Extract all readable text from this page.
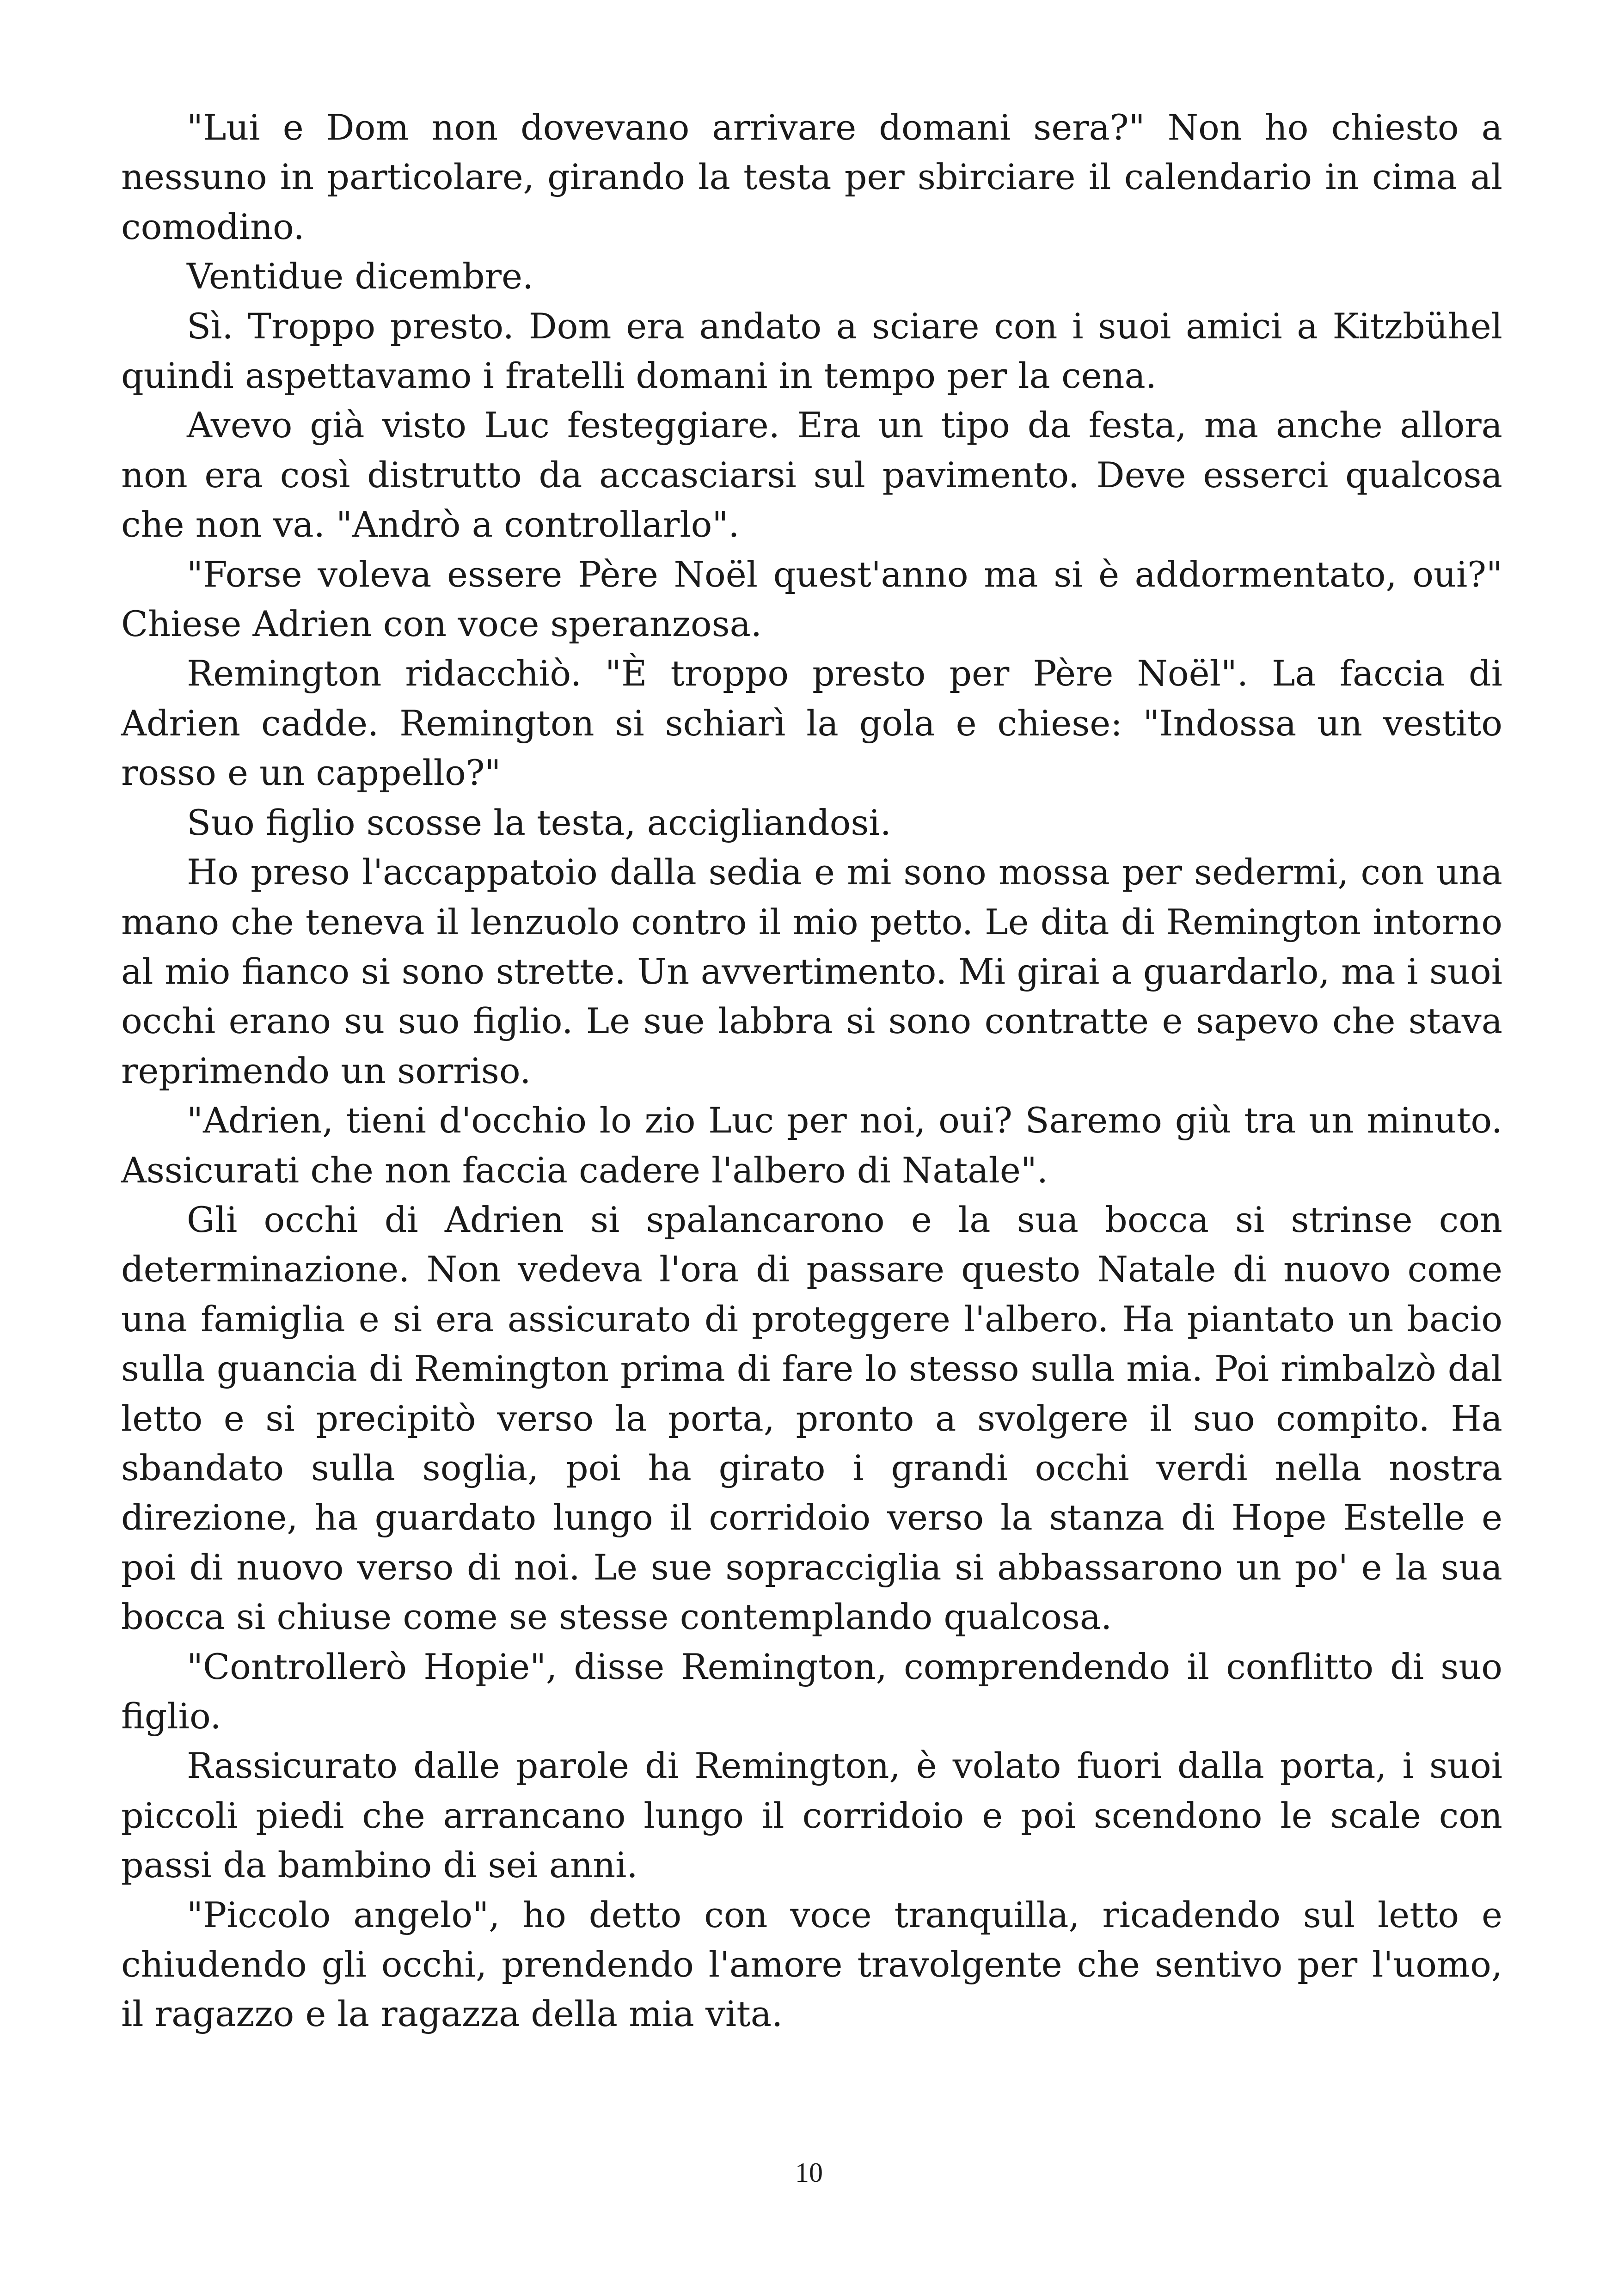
"Lui e Dom non dovevano arrivare domani sera?" Non ho chiesto a nessuno in particolare, girando la testa per sbirciare il calendario in cima al comodino.

Ventidue dicembre.

Sì. Troppo presto. Dom era andato a sciare con i suoi amici a Kitzbühel quindi aspettavamo i fratelli domani in tempo per la cena.

Avevo già visto Luc festeggiare. Era un tipo da festa, ma anche allora non era così distrutto da accasciarsi sul pavimento. Deve esserci qualcosa che non va. "Andrò a controllarlo".

"Forse voleva essere Père Noël quest'anno ma si è addormentato, oui?" Chiese Adrien con voce speranzosa.

Remington ridacchiò. "È troppo presto per Père Noël". La faccia di Adrien cadde. Remington si schiarì la gola e chiese: "Indossa un vestito rosso e un cappello?"

Suo figlio scosse la testa, accigliandosi.

Ho preso l'accappatoio dalla sedia e mi sono mossa per sedermi, con una mano che teneva il lenzuolo contro il mio petto. Le dita di Remington intorno al mio fianco si sono strette. Un avvertimento. Mi girai a guardarlo, ma i suoi occhi erano su suo figlio. Le sue labbra si sono contratte e sapevo che stava reprimendo un sorriso.

"Adrien, tieni d'occhio lo zio Luc per noi, oui? Saremo giù tra un minuto. Assicurati che non faccia cadere l'albero di Natale".

Gli occhi di Adrien si spalancarono e la sua bocca si strinse con determinazione. Non vedeva l'ora di passare questo Natale di nuovo come una famiglia e si era assicurato di proteggere l'albero. Ha piantato un bacio sulla guancia di Remington prima di fare lo stesso sulla mia. Poi rimbalzò dal letto e si precipitò verso la porta, pronto a svolgere il suo compito. Ha sbandato sulla soglia, poi ha girato i grandi occhi verdi nella nostra direzione, ha guardato lungo il corridoio verso la stanza di Hope Estelle e poi di nuovo verso di noi. Le sue sopracciglia si abbassarono un po' e la sua bocca si chiuse come se stesse contemplando qualcosa.

"Controllerò Hopie", disse Remington, comprendendo il conflitto di suo figlio.

Rassicurato dalle parole di Remington, è volato fuori dalla porta, i suoi piccoli piedi che arrancano lungo il corridoio e poi scendono le scale con passi da bambino di sei anni.

"Piccolo angelo", ho detto con voce tranquilla, ricadendo sul letto e chiudendo gli occhi, prendendo l'amore travolgente che sentivo per l'uomo, il ragazzo e la ragazza della mia vita.

10
